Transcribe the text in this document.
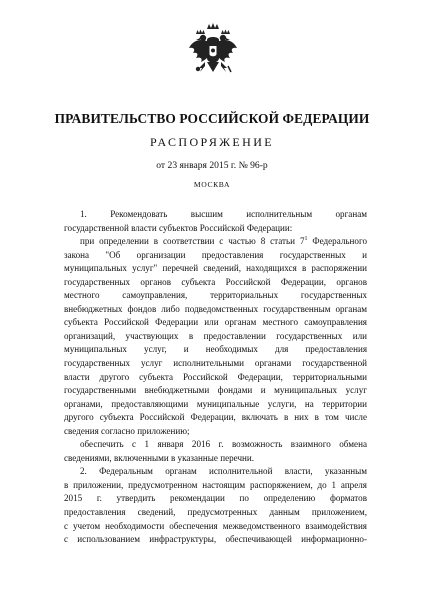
ПРАВИТЕЛЬСТВО РОССИЙСКОЙ ФЕДЕРАЦИИ
РАСПОРЯЖЕНИЕ
от 23 января 2015 г. № 96-р
МОСКВА
1. Рекомендовать высшим исполнительным органам
государственной власти субъектов Российской Федерации:
при определении в соответствии с частью 8 статьи $7^1$ Федерального
закона "Об организации предоставления государственных и
муниципальных услуг" перечней сведений, находящихся в распоряжении
государственных органов субъекта Российской Федерации, органов
местного самоуправления, территориальных государственных
внебюджетных фондов либо подведомственных государственным органам
субъекта Российской Федерации или органам местного самоуправления
организаций, участвующих в предоставлении государственных или
муниципальных услуг, и необходимых для предоставления
государственных услуг исполнительными органами государственной
власти другого субъекта Российской Федерации, территориальными
государственными внебюджетными фондами и муниципальных услуг
органами, предоставляющими муниципальные услуги, на территории
другого субъекта Российской Федерации, включать в них в том числе
сведения согласно приложению;
обеспечить с 1 января 2016 г. возможность взаимного обмена
сведениями, включенными в указанные перечни.
2. Федеральным органам исполнительной власти, указанным
в приложении, предусмотренном настоящим распоряжением, до 1 апреля
2015 г. утвердить рекомендации по определению форматов
предоставления сведений, предусмотренных данным приложением,
с учетом необходимости обеспечения межведомственного взаимодействия
с использованием инфраструктуры, обеспечивающей информационно-
